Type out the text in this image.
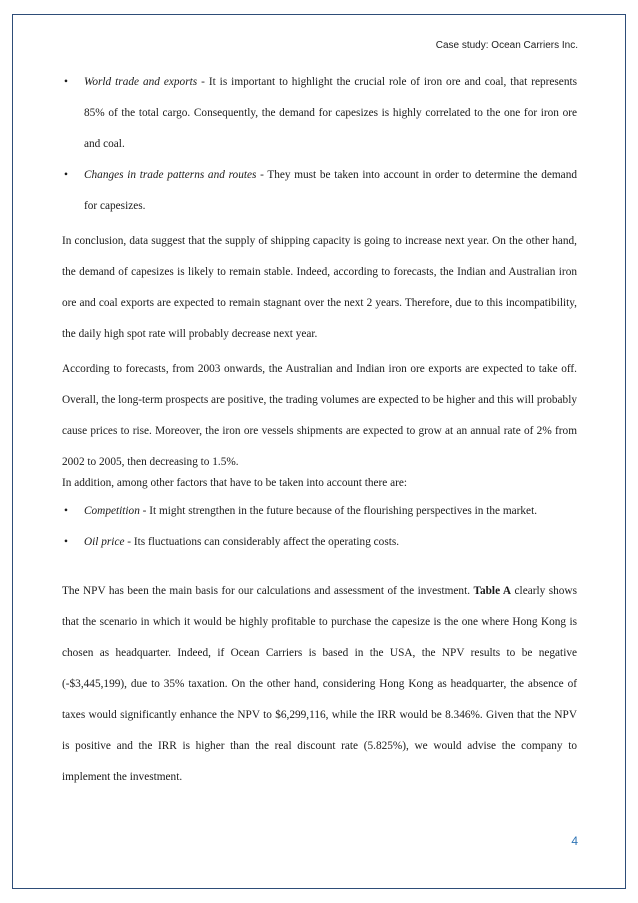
Case study: Ocean Carriers Inc.
• World trade and exports - It is important to highlight the crucial role of iron ore and coal, that represents 85% of the total cargo. Consequently, the demand for capesizes is highly correlated to the one for iron ore and coal.
• Changes in trade patterns and routes - They must be taken into account in order to determine the demand for capesizes.

In conclusion, data suggest that the supply of shipping capacity is going to increase next year. On the other hand, the demand of capesizes is likely to remain stable. Indeed, according to forecasts, the Indian and Australian iron ore and coal exports are expected to remain stagnant over the next 2 years. Therefore, due to this incompatibility, the daily high spot rate will probably decrease next year.

According to forecasts, from 2003 onwards, the Australian and Indian iron ore exports are expected to take off. Overall, the long-term prospects are positive, the trading volumes are expected to be higher and this will probably cause prices to rise. Moreover, the iron ore vessels shipments are expected to grow at an annual rate of 2% from 2002 to 2005, then decreasing to 1.5%.

In addition, among other factors that have to be taken into account there are:

• Competition - It might strengthen in the future because of the flourishing perspectives in the market.
• Oil price - Its fluctuations can considerably affect the operating costs.

The NPV has been the main basis for our calculations and assessment of the investment. Table A clearly shows that the scenario in which it would be highly profitable to purchase the capesize is the one where Hong Kong is chosen as headquarter. Indeed, if Ocean Carriers is based in the USA, the NPV results to be negative (-$3,445,199), due to 35% taxation. On the other hand, considering Hong Kong as headquarter, the absence of taxes would significantly enhance the NPV to $6,299,116, while the IRR would be 8.346%. Given that the NPV is positive and the IRR is higher than the real discount rate (5.825%), we would advise the company to implement the investment.

4
